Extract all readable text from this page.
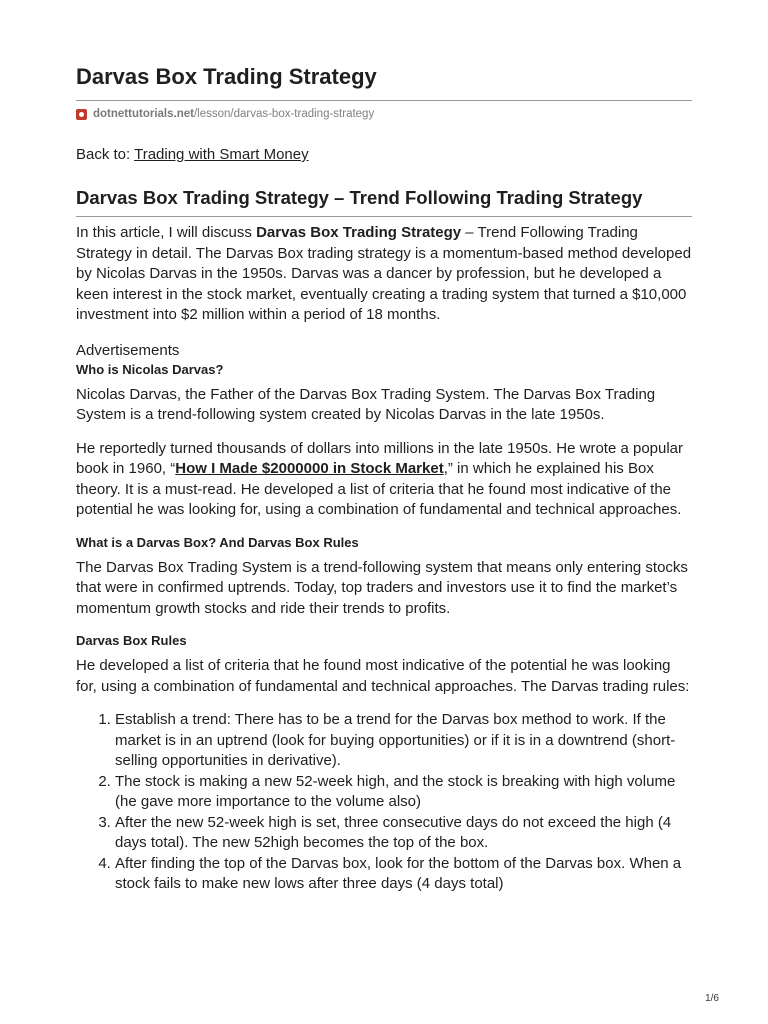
Darvas Box Trading Strategy
dotnettutorials.net /lesson/darvas-box-trading-strategy
Back to: Trading with Smart Money
Darvas Box Trading Strategy – Trend Following Trading Strategy

In this article, I will discuss Darvas Box Trading Strategy – Trend Following Trading Strategy in detail. The Darvas Box trading strategy is a momentum-based method developed by Nicolas Darvas in the 1950s. Darvas was a dancer by profession, but he developed a keen interest in the stock market, eventually creating a trading system that turned a $10,000 investment into $2 million within a period of 18 months.

Advertisements
Who is Nicolas Darvas?

Nicolas Darvas, the Father of the Darvas Box Trading System. The Darvas Box Trading System is a trend-following system created by Nicolas Darvas in the late 1950s.

He reportedly turned thousands of dollars into millions in the late 1950s. He wrote a popular book in 1960, “How I Made $2000000 in Stock Market,” in which he explained his Box theory. It is a must-read. He developed a list of criteria that he found most indicative of the potential he was looking for, using a combination of fundamental and technical approaches.

What is a Darvas Box? And Darvas Box Rules

The Darvas Box Trading System is a trend-following system that means only entering stocks that were in confirmed uptrends. Today, top traders and investors use it to find the market’s momentum growth stocks and ride their trends to profits.

Darvas Box Rules

He developed a list of criteria that he found most indicative of the potential he was looking for, using a combination of fundamental and technical approaches. The Darvas trading rules:

1. Establish a trend: There has to be a trend for the Darvas box method to work. If the market is in an uptrend (look for buying opportunities) or if it is in a downtrend (short-selling opportunities in derivative).
2. The stock is making a new 52-week high, and the stock is breaking with high volume (he gave more importance to the volume also)
3. After the new 52-week high is set, three consecutive days do not exceed the high (4 days total). The new 52high becomes the top of the box.
4. After finding the top of the Darvas box, look for the bottom of the Darvas box. When a stock fails to make new lows after three days (4 days total)
1/6
